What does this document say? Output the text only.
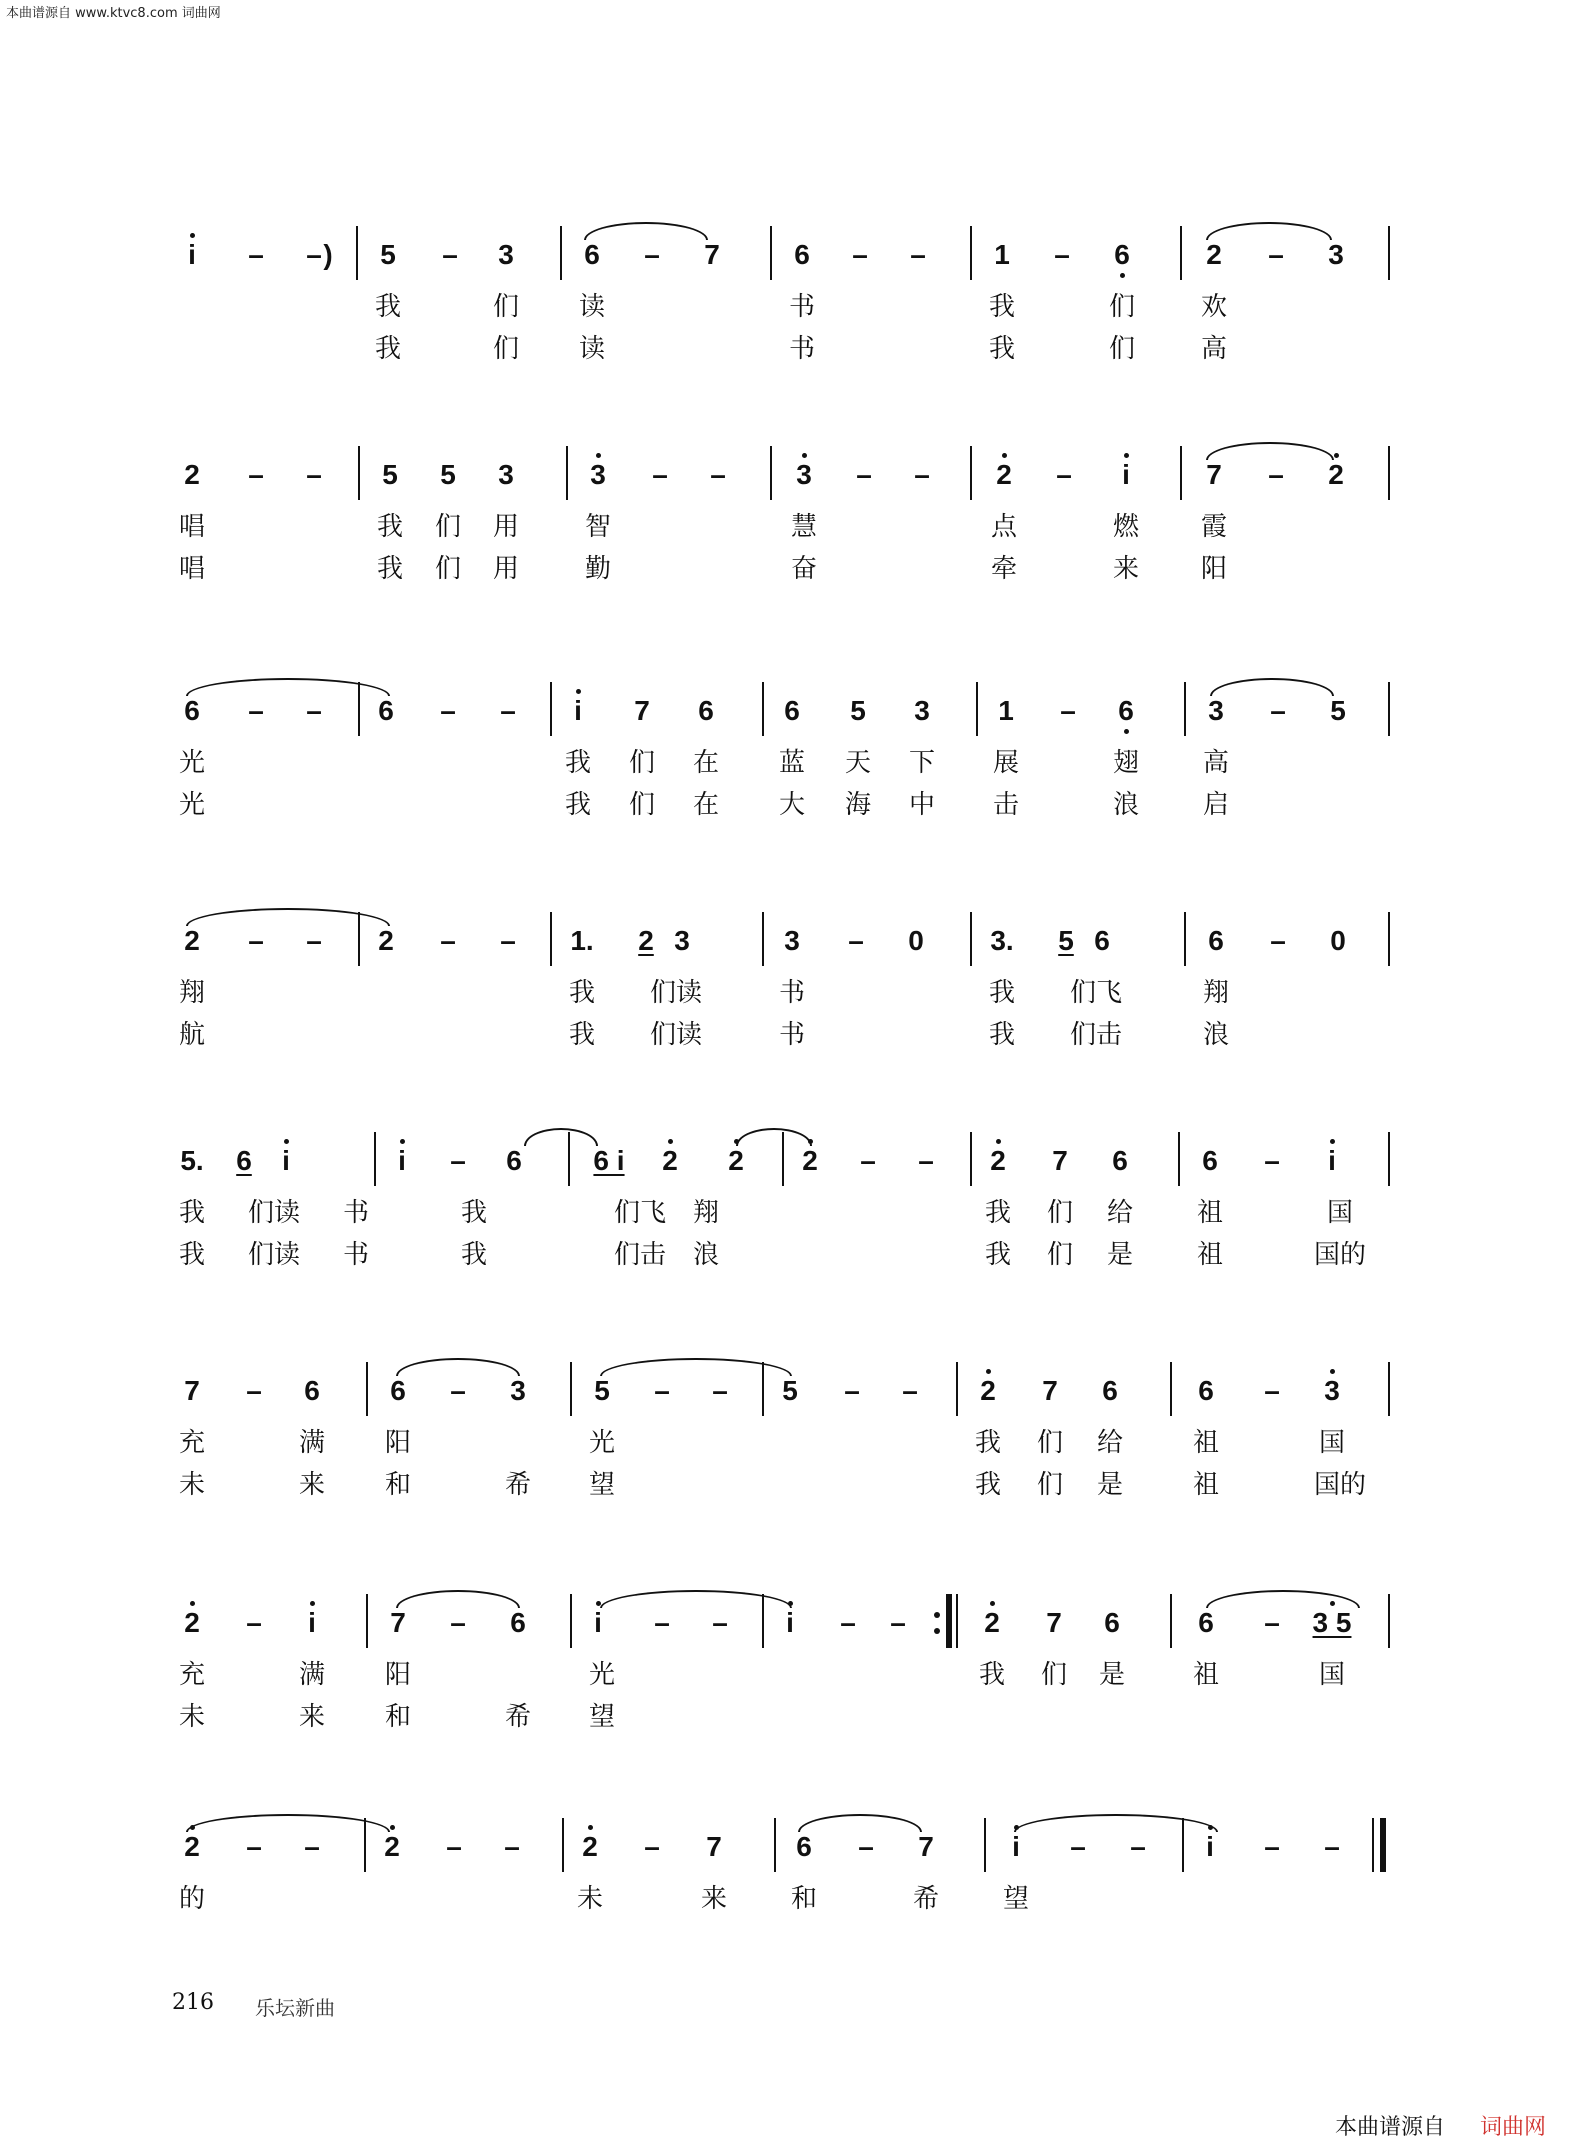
本曲谱源自 www.ktvc8.com 词曲网
i	–	– )	5	–	3	6	–	7	6	–	–	1	–	6	2	–	3
我	们	读	书	我	们	欢
我	们	读	书	我	们	高
2	–	–	5	5	3	3	–	–	3	–	–	2	–	i	7	–	2
唱	我	们	用	智	慧	点	燃	霞
唱	我	们	用	勤	奋	牵	来	阳
6	–	–	6	–	–	i	7	6	6	5	3	1	–	6	3	–	5
光	我	们	在	蓝	天	下	展	翅	高
光	我	们	在	大	海	中	击	浪	启
2	–	–	2	–	–	1.	2 3	3	–	0	3.	5 6	6	–	0
翔	我	们读	书	我	们飞	翔
航	我	们读	书	我	们击	浪
5.	6	i	i	–	6	6 i	2	2	2	–	–	2	7	6	6	–	i
我	们读	书	我	们飞	翔	我	们	给	祖	国
我	们读	书	我	们击	浪	我	们	是	祖	国的
7	–	6	6	–	3	5	–	–	5	–	–	2	7	6	6	–	3
充	满	阳	光	我	们	给	祖	国
未	来	和	希	望	我	们	是	祖	国的
2	–	i	7	–	6	i	–	–	i	–	–	2	7	6	6	–	3 5
充	满	阳	光	我	们	是	祖	国
未	来	和	希	望
2	–	–	2	–	–	2	–	7	6	–	7	i	–	–	i	–	–
的	未	来	和	希	望
216 乐坛新曲
本曲谱源自 词曲网
